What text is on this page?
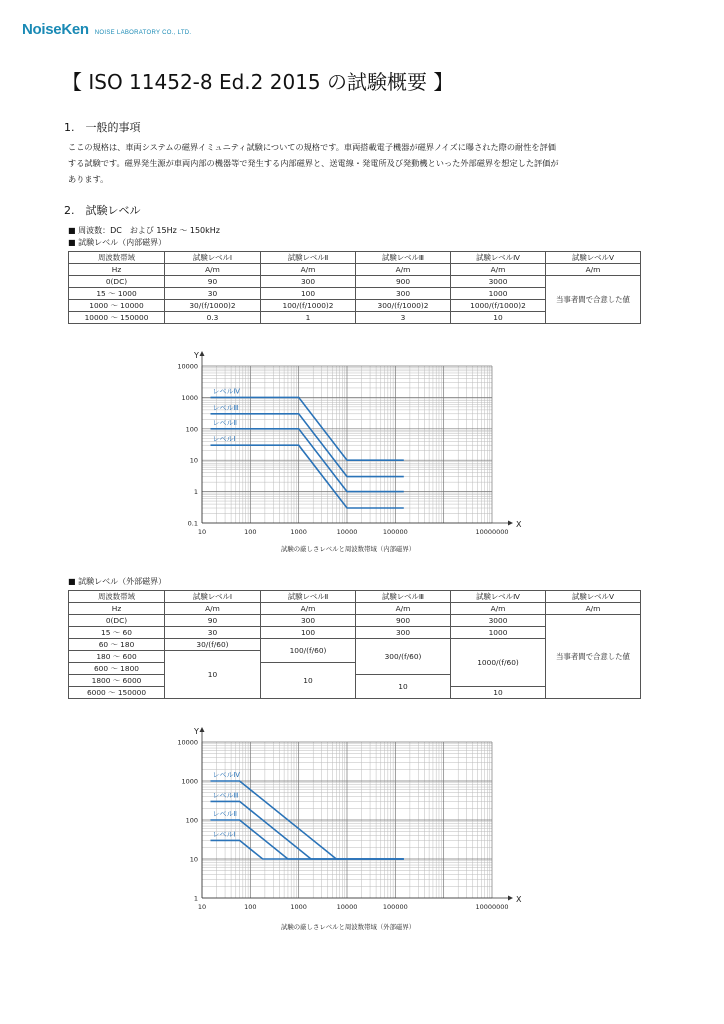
NoiseKen NOISE LABORATORY CO., LTD.
【 ISO 11452-8 Ed.2 2015 の試験概要 】
1.　一般的事項
ここの規格は、車両システムの磁界イミュニティ試験についての規格です。車両搭載電子機器が磁界ノイズに曝された際の耐性を評価
する試験です。磁界発生源が車両内部の機器等で発生する内部磁界と、送電線・発電所及び発動機といった外部磁界を想定した評価が
あります。
2.　試験レベル
■ 周波数：DC　および 15Hz 〜 150kHz
■ 試験レベル（内部磁界）
周波数帯域	試験レベルⅠ	試験レベルⅡ	試験レベルⅢ	試験レベルⅣ	試験レベルⅤ
Hz	A/m	A/m	A/m	A/m	A/m
0(DC)	90	300	900	3000	当事者間で合意した値
15 〜 1000	30	100	300	1000	
1000 〜 10000	30/(f/1000)2	100/(f/1000)2	300/(f/1000)2	1000/(f/1000)2	
10000 〜 150000	0.3	1	3	10	
10000
1000
100
10
1
0.1
10	100	1000	10000	100000	10000000
X
Y
レベルⅣ
レベルⅢ
レベルⅡ
レベルⅠ
試験の厳しさレベルと周波数帯域（内部磁界）
■ 試験レベル（外部磁界）
周波数帯域	試験レベルⅠ	試験レベルⅡ	試験レベルⅢ	試験レベルⅣ	試験レベルⅤ
Hz	A/m	A/m	A/m	A/m	A/m
0(DC)	90	300	900	3000	当事者間で合意した値
15 〜 60	30	100	300	1000	
60 〜 180	30/(f/60)	100/(f/60)	300/(f/60)	1000/(f/60)	
180 〜 600	10				
600 〜 1800		10			
1800 〜 6000			10		
6000 〜 150000				10	
10000
1000
100
10
1
10	100	1000	10000	100000	10000000
X
Y
レベルⅣ
レベルⅢ
レベルⅡ
レベルⅠ
試験の厳しさレベルと周波数帯域（外部磁界）
